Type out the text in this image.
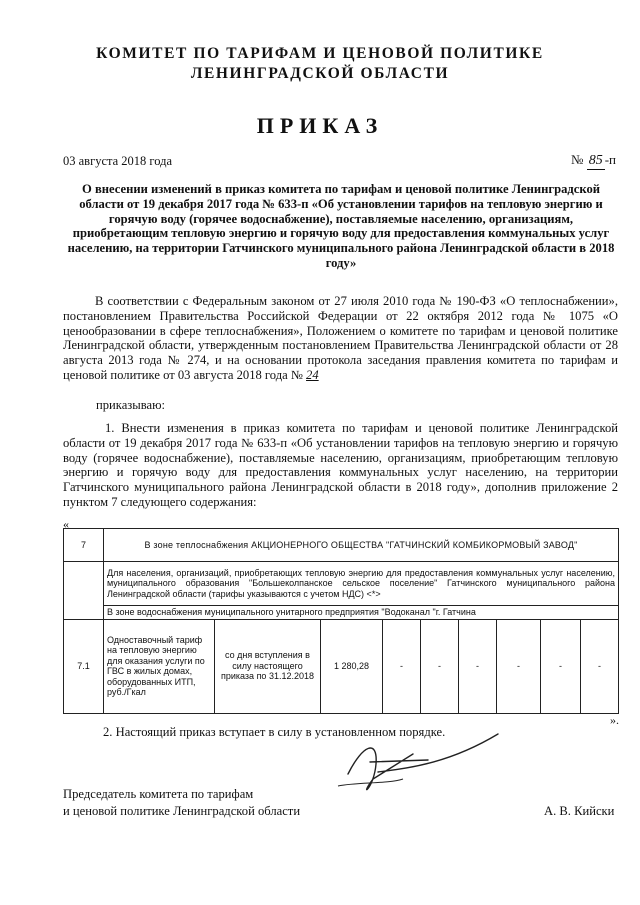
КОМИТЕТ ПО ТАРИФАМ И ЦЕНОВОЙ ПОЛИТИКЕ
ЛЕНИНГРАДСКОЙ ОБЛАСТИ
ПРИКАЗ
03 августа 2018 года	№ 85 -п
О внесении изменений в приказ комитета по тарифам и ценовой политике Ленинградской области от 19 декабря 2017 года № 633-п «Об установлении тарифов на тепловую энергию и горячую воду (горячее водоснабжение), поставляемые населению, организациям, приобретающим тепловую энергию и горячую воду для предоставления коммунальных услуг населению, на территории Гатчинского муниципального района Ленинградской области в 2018 году»
В соответствии с Федеральным законом от 27 июля 2010 года № 190-ФЗ «О теплоснабжении», постановлением Правительства Российской Федерации от 22 октября 2012 года № 1075 «О ценообразовании в сфере теплоснабжения», Положением о комитете по тарифам и ценовой политике Ленинградской области, утвержденным постановлением Правительства Ленинградской области от 28 августа 2013 года № 274, и на основании протокола заседания правления комитета по тарифам и ценовой политике от 03 августа 2018 года № 24
приказываю:
1. Внести изменения в приказ комитета по тарифам и ценовой политике Ленинградской области от 19 декабря 2017 года № 633-п «Об установлении тарифов на тепловую энергию и горячую воду (горячее водоснабжение), поставляемые населению, организациям, приобретающим тепловую энергию и горячую воду для предоставления коммунальных услуг населению, на территории Гатчинского муниципального района Ленинградской области в 2018 году», дополнив приложение 2 пунктом 7 следующего содержания:
«
7	В зоне теплоснабжения АКЦИОНЕРНОГО ОБЩЕСТВА "ГАТЧИНСКИЙ КОМБИКОРМОВЫЙ ЗАВОД"								
	Для населения, организаций, приобретающих тепловую энергию для предоставления коммунальных услуг населению, муниципального образования "Большеколпанское сельское поселение" Гатчинского муниципального района Ленинградской области (тарифы указываются с учетом НДС) <*>								
	В зоне водоснабжения муниципального унитарного предприятия "Водоканал "г. Гатчина								

7.1	Одноставочный тариф на тепловую энергию для оказания услуги по ГВС в жилых домах, оборудованных ИТП, руб./Гкал	со дня вступления в силу настоящего приказа по 31.12.2018	1 280,28	-	-	-	-	-	-
».
2. Настоящий приказ вступает в силу в установленном порядке.
Председатель комитета по тарифам
и ценовой политике Ленинградской области	А. В. Кийски
